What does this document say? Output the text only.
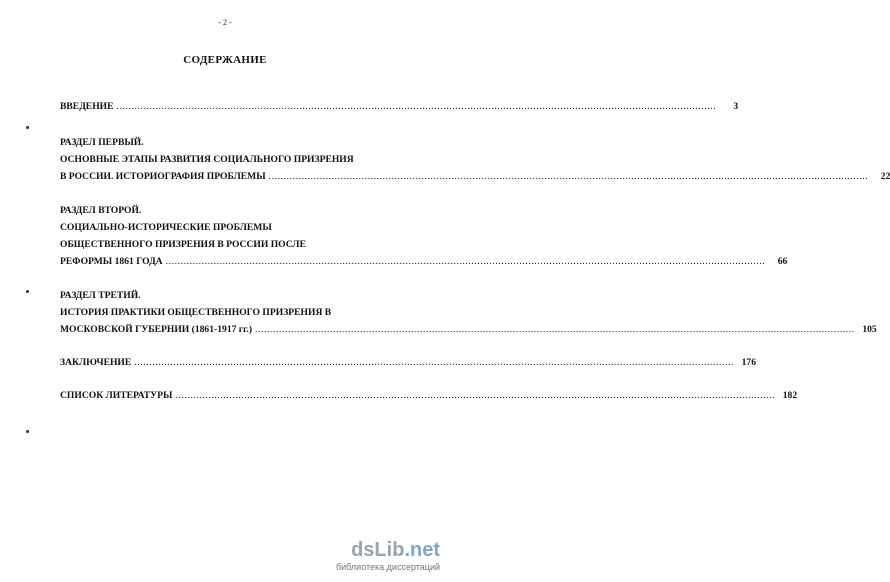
- 2 -
СОДЕРЖАНИЕ
ВВЕДЕНИЕ ........................................................................................................................................................................................................	3
РАЗДЕЛ ПЕРВЫЙ.
ОСНОВНЫЕ ЭТАПЫ РАЗВИТИЯ СОЦИАЛЬНОГО ПРИЗРЕНИЯ
В РОССИИ. ИСТОРИОГРАФИЯ ПРОБЛЕМЫ ........................................................................................................................................................................................................	22
РАЗДЕЛ ВТОРОЙ.
СОЦИАЛЬНО-ИСТОРИЧЕСКИЕ ПРОБЛЕМЫ
ОБЩЕСТВЕННОГО ПРИЗРЕНИЯ В РОССИИ ПОСЛЕ
РЕФОРМЫ 1861 ГОДА ........................................................................................................................................................................................................	66
РАЗДЕЛ ТРЕТИЙ.
ИСТОРИЯ ПРАКТИКИ ОБЩЕСТВЕННОГО ПРИЗРЕНИЯ В
МОСКОВСКОЙ ГУБЕРНИИ (1861-1917 гг.) ........................................................................................................................................................................................................ 105
ЗАКЛЮЧЕНИЕ ........................................................................................................................................................................................................ 176
СПИСОК ЛИТЕРАТУРЫ ........................................................................................................................................................................................................ 182
dsLib.net
библиотека диссертаций
